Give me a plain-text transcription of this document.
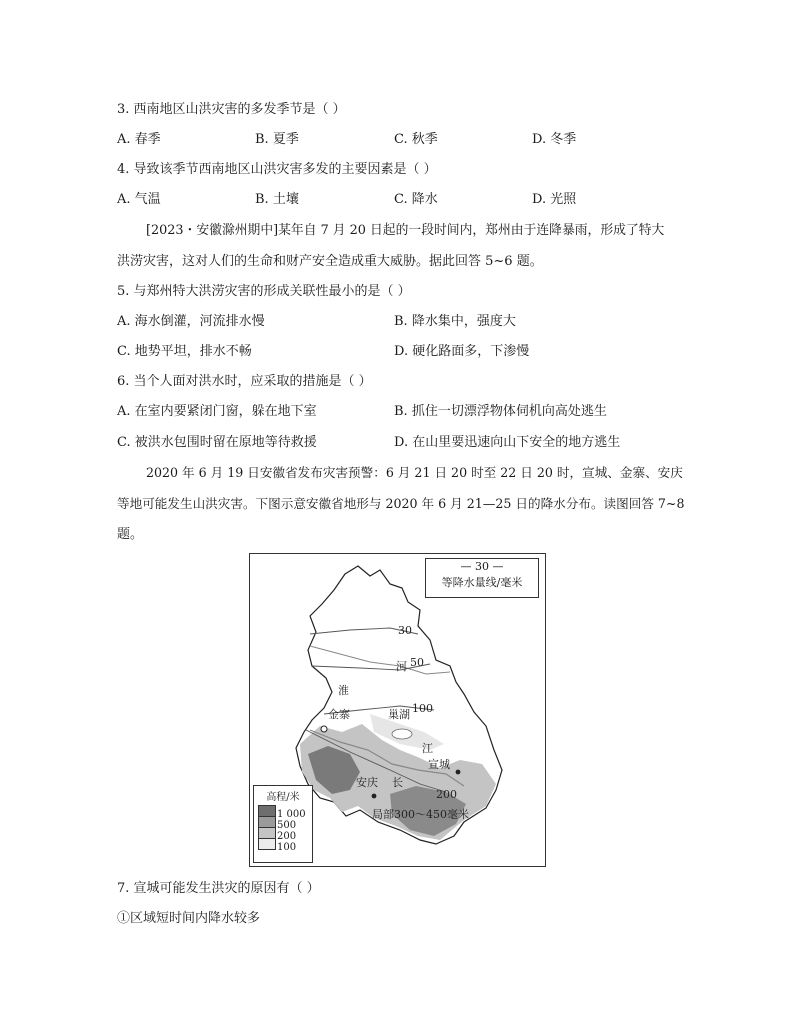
3. 西南地区山洪灾害的多发季节是（ ）
A. 春季	B. 夏季	C. 秋季	D. 冬季
4. 导致该季节西南地区山洪灾害多发的主要因素是（ ）
A. 气温	B. 土壤	C. 降水	D. 光照
[2023・安徽滁州期中]某年自 7 月 20 日起的一段时间内，郑州由于连降暴雨，形成了特大
洪涝灾害，这对人们的生命和财产安全造成重大威胁。据此回答 5~6 题。
5. 与郑州特大洪涝灾害的形成关联性最小的是（ ）
A. 海水倒灌，河流排水慢	B. 降水集中，强度大
C. 地势平坦，排水不畅	D. 硬化路面多，下渗慢
6. 当个人面对洪水时，应采取的措施是（ ）
A. 在室内要紧闭门窗，躲在地下室	B. 抓住一切漂浮物体伺机向高处逃生
C. 被洪水包围时留在原地等待救援	D. 在山里要迅速向山下安全的地方逃生
2020 年 6 月 19 日安徽省发布灾害预警：6 月 21 日 20 时至 22 日 20 时，宣城、金寨、安庆
等地可能发生山洪灾害。下图示意安徽省地形与 2020 年 6 月 21—25 日的降水分布。读图回答 7~8
题。
30
50
100
200
淮
河
金寨	巢湖
江
长
安庆
宣城
局部300～450毫米
— 30 —
等降水量线/毫米
高程/米
1 000
500
200
100
7. 宣城可能发生洪灾的原因有（ ）
①区域短时间内降水较多
